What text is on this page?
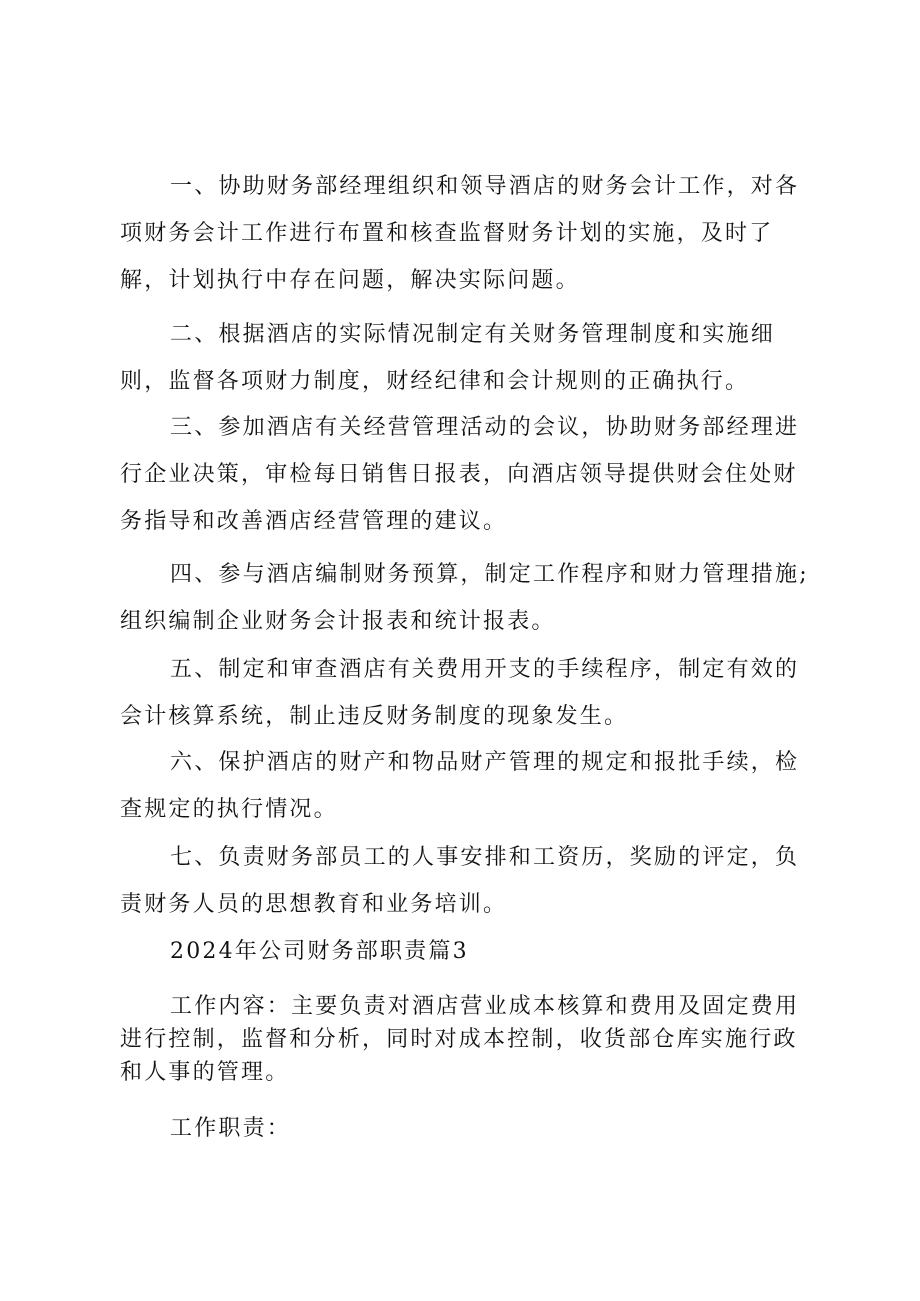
一、协助财务部经理组织和领导酒店的财务会计工作，对各项财务会计工作进行布置和核查监督财务计划的实施，及时了解，计划执行中存在问题，解决实际问题。

二、根据酒店的实际情况制定有关财务管理制度和实施细则，监督各项财力制度，财经纪律和会计规则的正确执行。

三、参加酒店有关经营管理活动的会议，协助财务部经理进行企业决策，审检每日销售日报表，向酒店领导提供财会住处财务指导和改善酒店经营管理的建议。

四、参与酒店编制财务预算，制定工作程序和财力管理措施;组织编制企业财务会计报表和统计报表。

五、制定和审查酒店有关费用开支的手续程序，制定有效的会计核算系统，制止违反财务制度的现象发生。

六、保护酒店的财产和物品财产管理的规定和报批手续，检查规定的执行情况。

七、负责财务部员工的人事安排和工资历，奖励的评定，负责财务人员的思想教育和业务培训。

2024年公司财务部职责篇3

工作内容：主要负责对酒店营业成本核算和费用及固定费用进行控制，监督和分析，同时对成本控制，收货部仓库实施行政和人事的管理。

工作职责：
